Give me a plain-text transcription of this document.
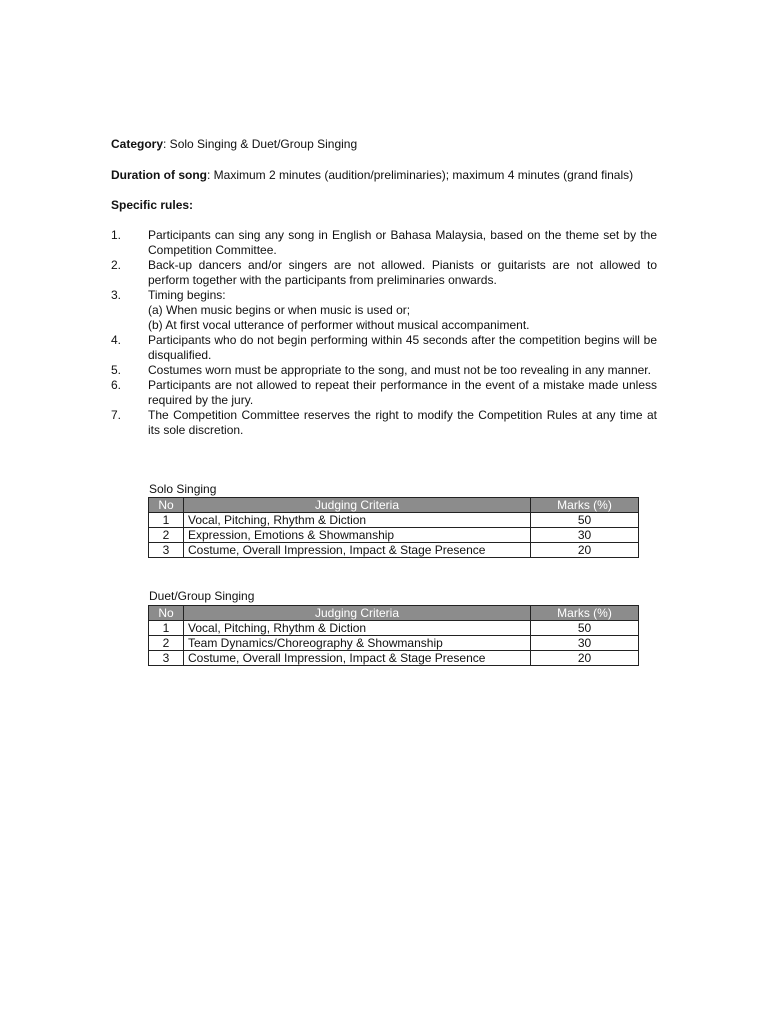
Category: Solo Singing & Duet/Group Singing
Duration of song: Maximum 2 minutes (audition/preliminaries); maximum 4 minutes (grand finals)
Specific rules:
1. Participants can sing any song in English or Bahasa Malaysia, based on the theme set by the Competition Committee.
2. Back-up dancers and/or singers are not allowed. Pianists or guitarists are not allowed to perform together with the participants from preliminaries onwards.
3. Timing begins:
(a) When music begins or when music is used or;
(b) At first vocal utterance of performer without musical accompaniment.
4. Participants who do not begin performing within 45 seconds after the competition begins will be disqualified.
5. Costumes worn must be appropriate to the song, and must not be too revealing in any manner.
6. Participants are not allowed to repeat their performance in the event of a mistake made unless required by the jury.
7. The Competition Committee reserves the right to modify the Competition Rules at any time at its sole discretion.
Solo Singing
No	Judging Criteria	Marks (%)
1	Vocal, Pitching, Rhythm & Diction	50
2	Expression, Emotions & Showmanship	30
3	Costume, Overall Impression, Impact & Stage Presence	20
Duet/Group Singing
No	Judging Criteria	Marks (%)
1	Vocal, Pitching, Rhythm & Diction	50
2	Team Dynamics/Choreography & Showmanship	30
3	Costume, Overall Impression, Impact & Stage Presence	20
